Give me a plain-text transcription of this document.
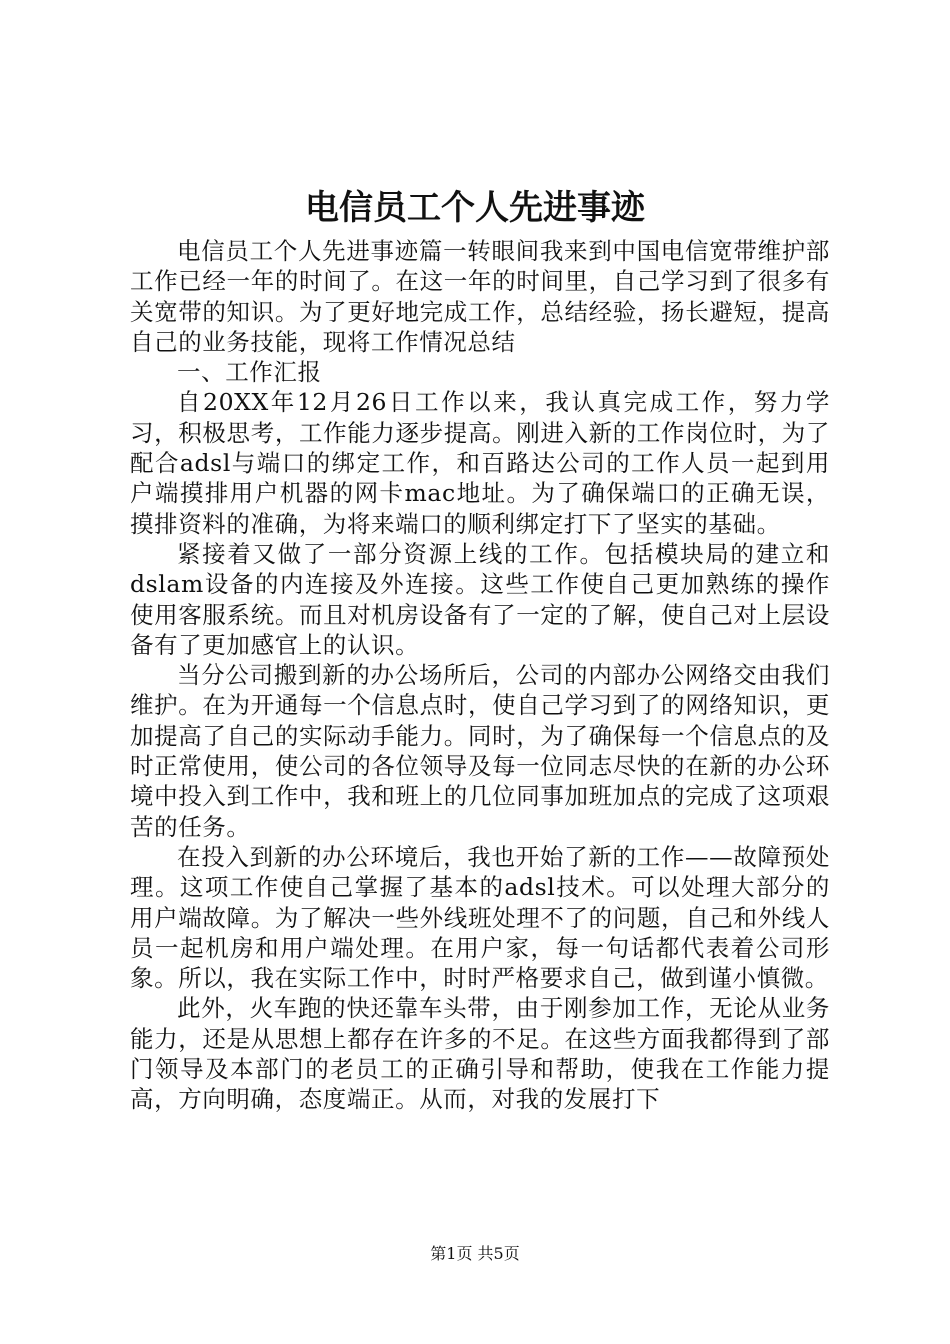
电信员工个人先进事迹

电信员工个人先进事迹篇一转眼间我来到中国电信宽带维护部工作已经一年的时间了。在这一年的时间里，自己学习到了很多有关宽带的知识。为了更好地完成工作，总结经验，扬长避短，提高自己的业务技能，现将工作情况总结

一、工作汇报

自20XX年12月26日工作以来，我认真完成工作，努力学习，积极思考，工作能力逐步提高。刚进入新的工作岗位时，为了配合adsl与端口的绑定工作，和百路达公司的工作人员一起到用户端摸排用户机器的网卡mac地址。为了确保端口的正确无误，摸排资料的准确，为将来端口的顺利绑定打下了坚实的基础。

紧接着又做了一部分资源上线的工作。包括模块局的建立和dslam设备的内连接及外连接。这些工作使自己更加熟练的操作使用客服系统。而且对机房设备有了一定的了解，使自己对上层设备有了更加感官上的认识。

当分公司搬到新的办公场所后，公司的内部办公网络交由我们维护。在为开通每一个信息点时，使自己学习到了的网络知识，更加提高了自己的实际动手能力。同时，为了确保每一个信息点的及时正常使用，使公司的各位领导及每一位同志尽快的在新的办公环境中投入到工作中，我和班上的几位同事加班加点的完成了这项艰苦的任务。

在投入到新的办公环境后，我也开始了新的工作——故障预处理。这项工作使自己掌握了基本的adsl技术。可以处理大部分的用户端故障。为了解决一些外线班处理不了的问题，自己和外线人员一起机房和用户端处理。在用户家，每一句话都代表着公司形象。所以，我在实际工作中，时时严格要求自己，做到谨小慎微。

此外，火车跑的快还靠车头带，由于刚参加工作，无论从业务能力，还是从思想上都存在许多的不足。在这些方面我都得到了部门领导及本部门的老员工的正确引导和帮助，使我在工作能力提高，方向明确，态度端正。从而，对我的发展打下

第1页 共5页
